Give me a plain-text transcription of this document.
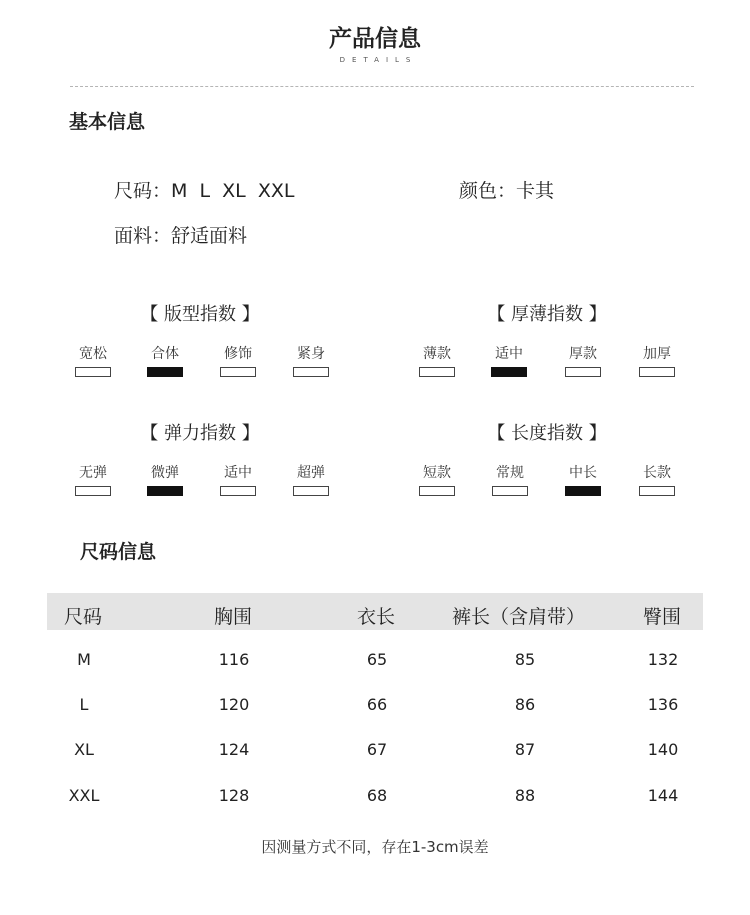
产品信息
DETAILS
基本信息
尺码：M  L  XL  XXL	颜色：卡其
面料：舒适面料
【 版型指数 】
宽松	合体	修饰	紧身
【 厚薄指数 】
薄款	适中	厚款	加厚
【 弹力指数 】
无弹	微弹	适中	超弹
【 长度指数 】
短款	常规	中长	长款
尺码信息
尺码	胸围	衣长	裤长（含肩带）	臀围
M	116	65	85	132
L	120	66	86	136
XL	124	67	87	140
XXL	128	68	88	144
因测量方式不同，存在1-3cm误差
